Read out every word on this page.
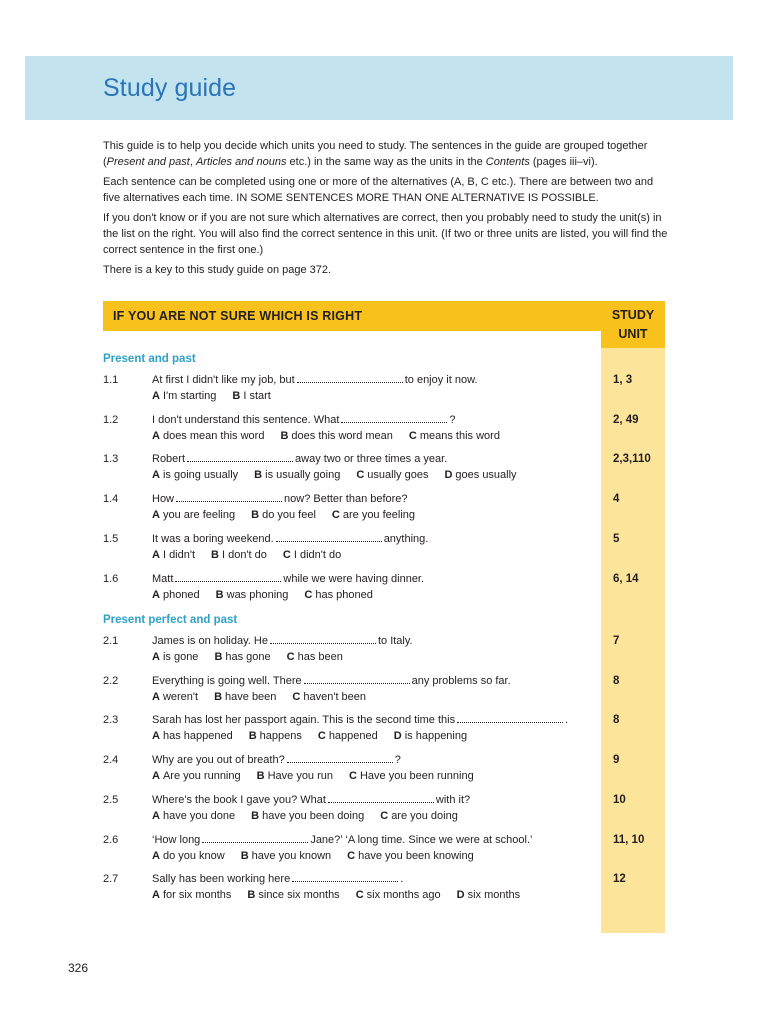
Study guide

This guide is to help you decide which units you need to study. The sentences in the guide are grouped together (Present and past, Articles and nouns etc.) in the same way as the units in the Contents (pages iii–vi).

Each sentence can be completed using one or more of the alternatives (A, B, C etc.). There are between two and five alternatives each time. IN SOME SENTENCES MORE THAN ONE ALTERNATIVE IS POSSIBLE.

If you don't know or if you are not sure which alternatives are correct, then you probably need to study the unit(s) in the list on the right. You will also find the correct sentence in this unit. (If two or three units are listed, you will find the correct sentence in the first one.)

There is a key to this study guide on page 372.

IF YOU ARE NOT SURE WHICH IS RIGHT	STUDY
UNIT
Present and past
1.1	At first I didn't like my job, but	to enjoy it now.
A I'm starting B I start
1, 3
1.2	I don't understand this sentence. What	?
A does mean this word B does this word mean C means this word
2, 49
1.3	Robert	away two or three times a year.
A is going usually B is usually going C usually goes D goes usually
2,3,110
1.4	How	now? Better than before?
A you are feeling B do you feel C are you feeling
4
1.5	It was a boring weekend.	anything.
A I didn't B I don't do C I didn't do
5
1.6	Matt	while we were having dinner.
A phoned B was phoning C has phoned
6, 14
Present perfect and past
2.1	James is on holiday. He	to Italy.
A is gone B has gone C has been
7
2.2	Everything is going well. There	any problems so far.
A weren't B have been C haven't been
8
2.3	Sarah has lost her passport again. This is the second time this	.
A has happened B happens C happened D is happening
8
2.4	Why are you out of breath?	?
A Are you running B Have you run C Have you been running
9
2.5	Where's the book I gave you? What	with it?
A have you done B have you been doing C are you doing
10
2.6	‘How long	Jane?’ ‘A long time. Since we were at school.’
A do you know B have you known C have you been knowing
11, 10
2.7	Sally has been working here	.
A for six months B since six months C six months ago D six months
12
326
